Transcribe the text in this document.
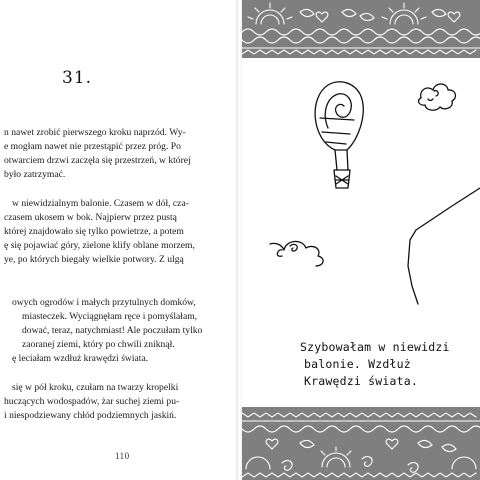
31.
n nawet zrobić pierwszego kroku naprzód. Wy-
e mogłam nawet nie przestąpić przez próg. Po
otwarciem drzwi zaczęła się przestrzeń, w której
było zatrzymać.
w niewidzialnym balonie. Czasem w dół, cza-
czasem ukosem w bok. Najpierw przez pustą
której znajdowało się tylko powietrze, a potem
ę się pojawiać góry, zielone klify oblane morzem,
ye, po których biegały wielkie potwory. Z ulgą
owych ogrodów i małych przytulnych domków,
miasteczek. Wyciągnęłam ręce i pomyślałam,
dować, teraz, natychmiast! Ale poczułam tylko
zaoranej ziemi, który po chwili zniknął.
ę leciałam wzdłuż krawędzi świata.
się w pół kroku, czułam na twarzy kropelki
huczących wodospadów, żar suchej ziemi pu-
i niespodziewany chłód podziemnych jaskiń.
110
Szybowałam w niewidzi
balonie. Wzdłuż
Krawędzi świata.
